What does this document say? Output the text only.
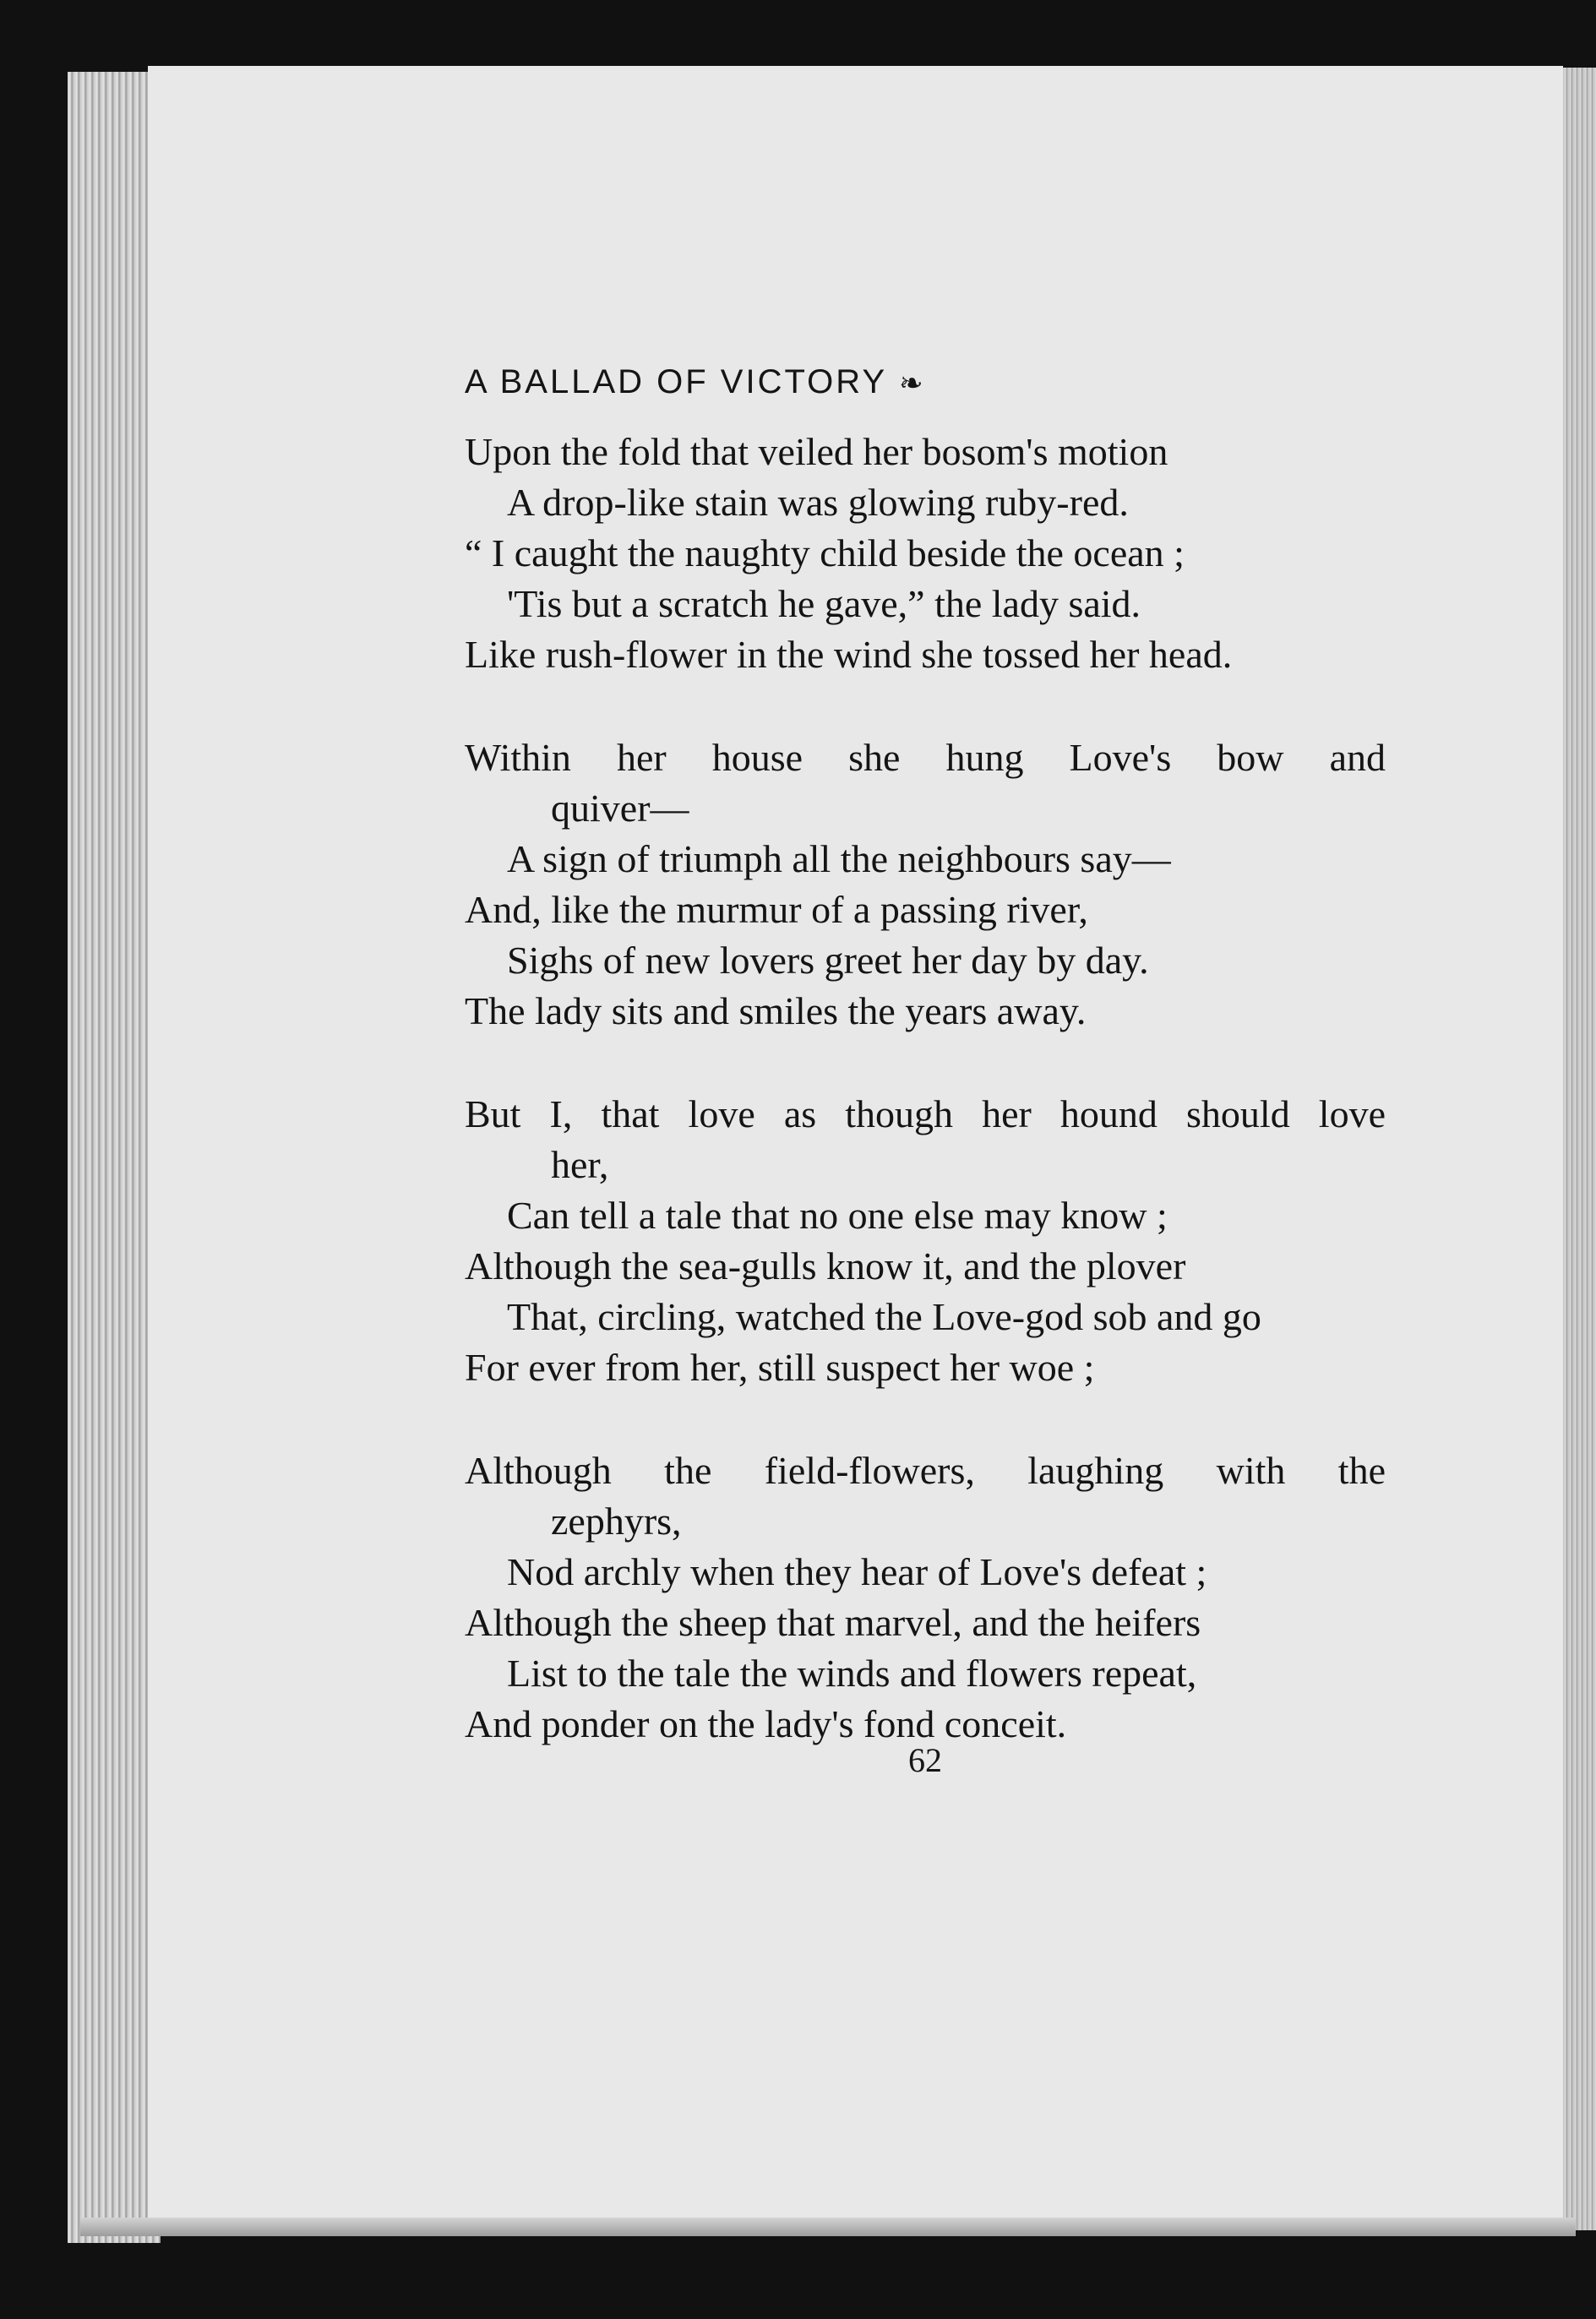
A BALLAD OF VICTORY ❧
Upon the fold that veiled her bosom's motion
A drop-like stain was glowing ruby-red.
“ I caught the naughty child beside the ocean ;
'Tis but a scratch he gave,” the lady said.
Like rush-flower in the wind she tossed her head.
Within her house she hung Love's bow and
quiver—
A sign of triumph all the neighbours say—
And, like the murmur of a passing river,
Sighs of new lovers greet her day by day.
The lady sits and smiles the years away.
But I, that love as though her hound should love
her,
Can tell a tale that no one else may know ;
Although the sea-gulls know it, and the plover
That, circling, watched the Love-god sob and go
For ever from her, still suspect her woe ;
Although the field-flowers, laughing with the
zephyrs,
Nod archly when they hear of Love's defeat ;
Although the sheep that marvel, and the heifers
List to the tale the winds and flowers repeat,
And ponder on the lady's fond conceit.
62
